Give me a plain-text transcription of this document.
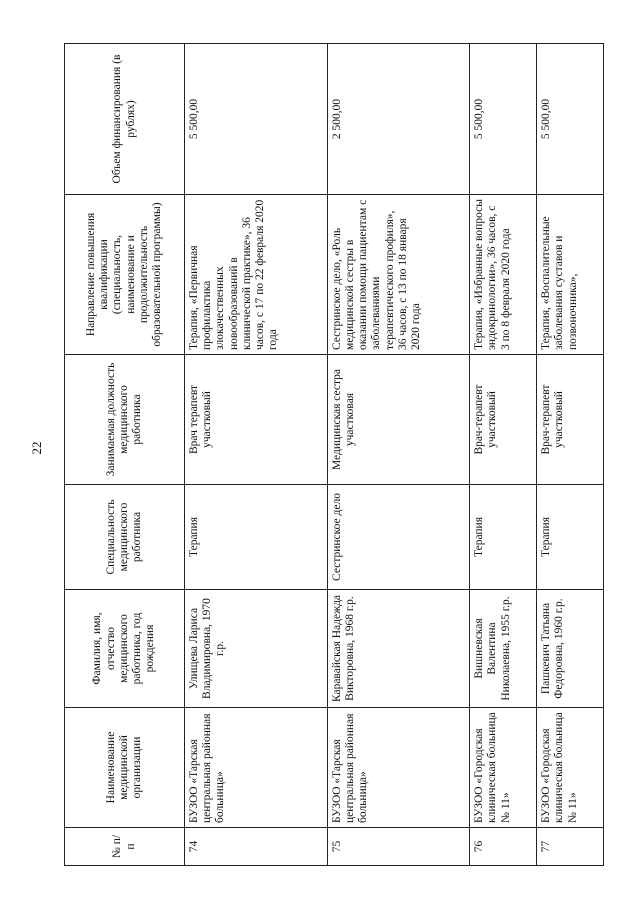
22
№ п/п	Наименование медицинской организации	Фамилия, имя, отчество медицинского работника, год рождения	Специальность медицинского работника	Занимаемая должность медицинского работника	Направление повышения квалификации (специальность, наименование и продолжительность образовательной программы)	Объем финансирования (в рублях)
74	БУЗОО «Тарская центральная районная больница»	Улищева Лариса Владимировна, 1970 г.р.	Терапия	Врач терапевт участковый	Терапия, «Первичная профилактика злокачественных новообразований в клинической практике», 36 часов, с 17 по 22 февраля 2020 года	5 500,00
75	БУЗОО «Тарская центральная районная больница»	Каравайская Надежда Викторовна, 1968 г.р.	Сестринское дело	Медицинская сестра участковая	Сестринское дело, «Роль медицинской сестры в оказании помощи пациентам с заболеваниями терапевтического профиля», 36 часов, с 13 по 18 января 2020 года	2 500,00
76	БУЗОО «Городская клиническая больница № 11»	Вишневская Валентина Николаевна, 1955 г.р.	Терапия	Врач-терапевт участковый	Терапия, «Избранные вопросы эндокринологии», 36 часов, с 3 по 8 февраля 2020 года	5 500,00
77	БУЗОО «Городская клиническая больница № 11»	Пашкевич Татьяна Федоровна, 1960 г.р.	Терапия	Врач-терапевт участковый	Терапия, «Воспалительные заболевания суставов и позвоночника»,	5 500,00
